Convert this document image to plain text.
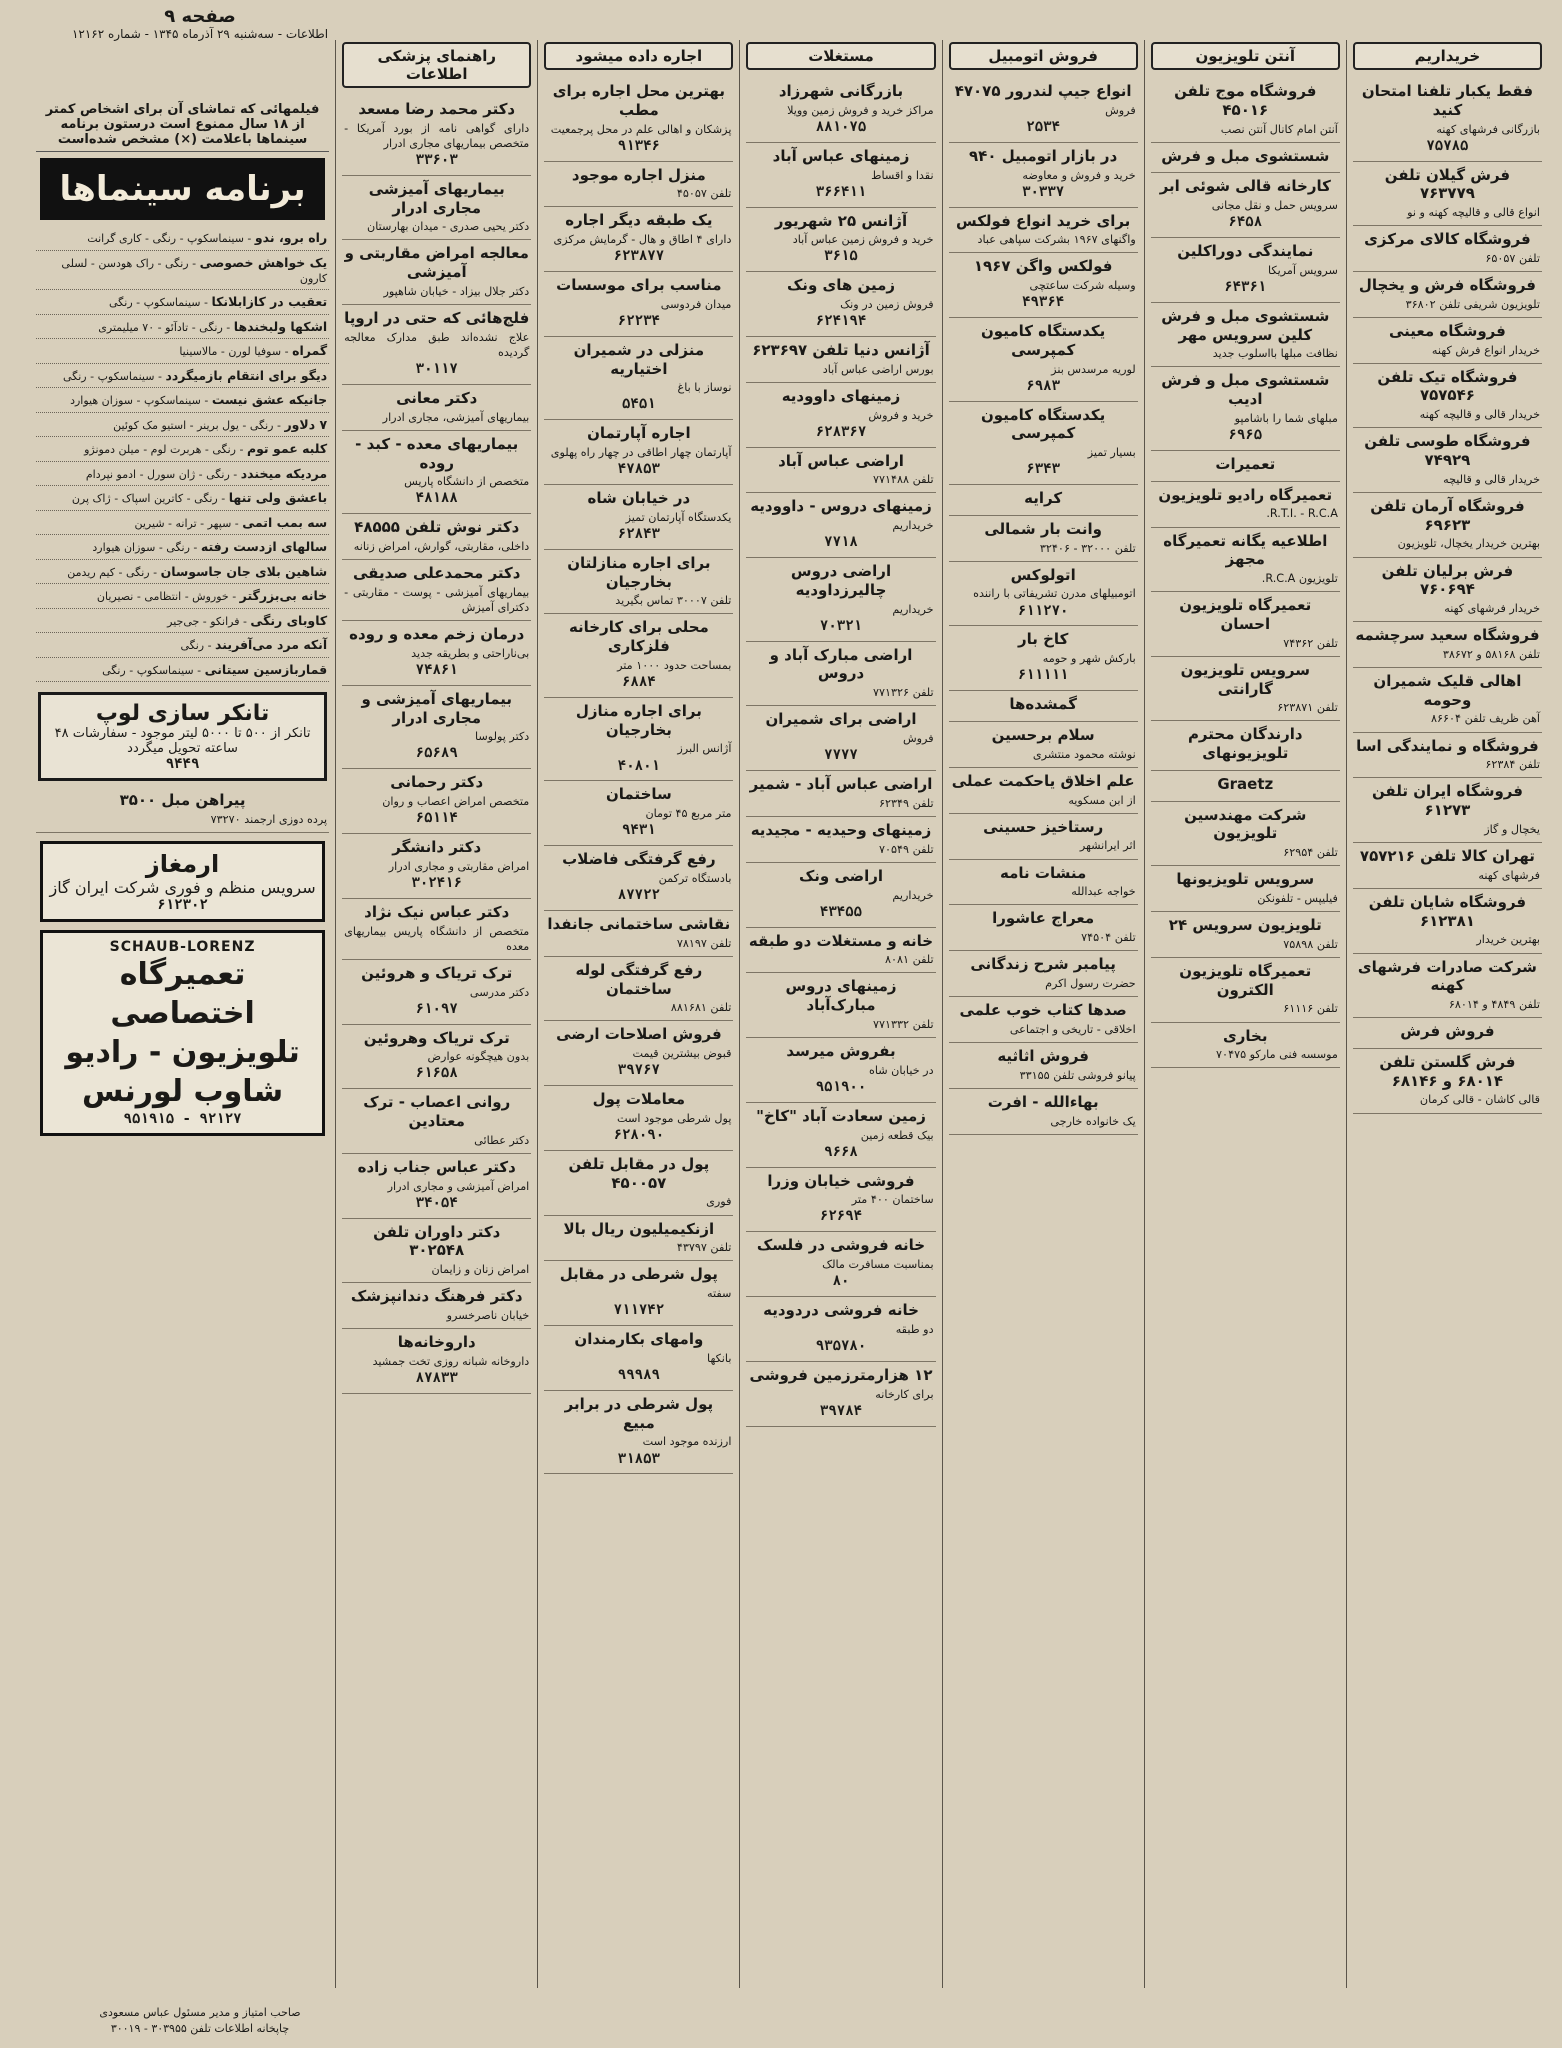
صفحه ۹
اطلاعات - سه‌شنبه ۲۹ آذرماه ۱۳۴۵ - شماره ۱۲۱۶۲
خریداریم
فقط یکبار تلفنا امتحان کنید
بازرگانی فرشهای کهنه
۷۵۷۸۵
فرش گیلان تلفن ۷۶۳۷۷۹
انواع قالی و قالیچه کهنه و نو
فروشگاه کالای مرکزی
تلفن ۶۵۰۵۷
فروشگاه فرش و یخچال
تلویزیون شریفی تلفن ۳۶۸۰۲
فروشگاه معینی
خریدار انواع فرش کهنه
فروشگاه تیک تلفن ۷۵۷۵۴۶
خریدار قالی و قالیچه کهنه
فروشگاه طوسی تلفن ۷۴۹۲۹
خریدار قالی و قالیچه
فروشگاه آرمان تلفن ۶۹۶۲۳
بهترین خریدار یخچال، تلویزیون
فرش برلیان تلفن ۷۶۰۶۹۴
خریدار فرشهای کهنه
فروشگاه سعید سرچشمه
تلفن ۵۸۱۶۸ و ۳۸۶۷۲
اهالی قلیک شمیران وحومه
آهن ظریف تلفن ۸۶۶۰۴
فروشگاه و نمایندگی اسا
تلفن ۶۲۳۸۴
فروشگاه ایران تلفن ۶۱۲۷۳
یخچال و گاز
تهران کالا تلفن ۷۵۷۲۱۶
فرشهای کهنه
فروشگاه شایان تلفن ۶۱۲۳۸۱
بهترین خریدار
شرکت صادرات فرشهای کهنه
تلفن ۴۸۴۹ و ۶۸۰۱۴
فروش فرش
فرش گلستن تلفن ۶۸۰۱۴ و ۶۸۱۴۶
قالی کاشان - قالی کرمان
آنتن تلویزیون
فروشگاه موج تلفن ۴۵۰۱۶
آنتن امام کانال آنتن نصب
شستشوی مبل و فرش
کارخانه قالی شوئی ابر
سرویس حمل و نقل مجانی
۶۴۵۸
نمایندگی دوراکلین
سرویس آمریکا
۶۴۳۶۱
شستشوی مبل و فرش کلین سرویس مهر
نظافت مبلها بااسلوب جدید
شستشوی مبل و فرش ادیب
مبلهای شما را باشامپو
۶۹۶۵
تعمیرات
تعمیرگاه رادیو تلویزیون
R.T.I. - R.C.A.
اطلاعیه یگانه تعمیرگاه مجهز
تلویزیون R.C.A.
تعمیرگاه تلویزیون احسان
تلفن ۷۴۳۶۲
سرویس تلویزیون گارانتی
تلفن ۶۲۳۸۷۱
دارندگان محترم تلویزیونهای
Graetz
شرکت مهندسین تلویزیون
تلفن ۶۲۹۵۴
سرویس تلویزیونها
فیلیپس - تلفونکن
تلویزیون سرویس ۲۴
تلفن ۷۵۸۹۸
تعمیرگاه تلویزیون الکترون
تلفن ۶۱۱۱۶
بخاری
موسسه فنی مارکو ۷۰۴۷۵
فروش اتومبیل
انواع جیپ لندرور ۴۷۰۷۵
فروش
۲۵۳۴
در بازار اتومبیل ۹۴۰
خرید و فروش و معاوضه
۳۰۳۳۷
برای خرید انواع فولکس
واگنهای ۱۹۶۷ بشرکت سپاهی عباد
فولکس واگن ۱۹۶۷
وسیله شرکت ساعتچی
۴۹۳۶۴
یکدستگاه کامیون کمپرسی
لوریه مرسدس بنز
۶۹۸۳
یکدستگاه کامیون کمپرسی
بسیار تمیز
۶۳۴۳
کرایه
وانت بار شمالی
تلفن ۳۲۰۰۰ - ۳۲۴۰۶
اتولوکس
اتومبیلهای مدرن تشریفاتی با راننده
۶۱۱۲۷۰
کاخ بار
بارکش شهر و حومه
۶۱۱۱۱۱
گمشده‌ها
سلام برحسین
نوشته محمود منتشری
علم اخلاق یاحکمت عملی
از ابن مسکویه
رستاخیز حسینی
اثر ایرانشهر
منشات نامه
خواجه عبدالله
معراج عاشورا
تلفن ۷۴۵۰۴
پیامبر شرح زندگانی
حضرت رسول اکرم
صدها کتاب خوب علمی
اخلاقی - تاریخی و اجتماعی
فروش اثاثیه
پیانو فروشی تلفن ۳۳۱۵۵
بهاءالله - افرت
یک خانواده خارجی
مستغلات
بازرگانی شهرزاد
مراکز خرید و فروش زمین وویلا
۸۸۱۰۷۵
زمینهای عباس آباد
نقدا و اقساط
۳۶۶۴۱۱
آژانس ۲۵ شهریور
خرید و فروش زمین عباس آباد
۳۶۱۵
زمین های ونک
فروش زمین در ونک
۶۲۴۱۹۴
آژانس دنیا تلفن ۶۲۳۶۹۷
بورس اراضی عباس آباد
زمینهای داوودیه
خرید و فروش
۶۲۸۳۶۷
اراضی عباس آباد
تلفن ۷۷۱۴۸۸
زمینهای دروس - داوودیه
خریداریم
۷۷۱۸
اراضی دروس چالیرزداودیه
خریداریم
۷۰۳۲۱
اراضی مبارک آباد و دروس
تلفن ۷۷۱۳۲۶
اراضی برای شمیران
فروش
۷۷۷۷
اراضی عباس آباد - شمیر
تلفن ۶۲۳۴۹
زمینهای وحیدیه - مجیدیه
تلفن ۷۰۵۴۹
اراضی ونک
خریداریم
۴۳۴۵۵
خانه و مستغلات دو طبقه
تلفن ۸۰۸۱
زمینهای دروس مبارک‌آباد
تلفن ۷۷۱۳۳۲
بفروش میرسد
در خیابان شاه
۹۵۱۹۰۰
زمین سعادت آباد "کاخ"
بیک قطعه زمین
۹۶۶۸
فروشی خیابان وزرا
ساختمان ۴۰۰ متر
۶۲۶۹۴
خانه فروشی در فلسک
بمناسبت مسافرت مالک
۸۰
خانه فروشی دردودیه
دو طبقه
۹۳۵۷۸۰
۱۲ هزارمترزمین فروشی
برای کارخانه
۳۹۷۸۴
اجاره داده میشود
بهترین محل اجاره برای مطب
پزشکان و اهالی علم در محل پرجمعیت
۹۱۳۴۶
منزل اجاره موجود
تلفن ۴۵۰۵۷
یک طبقه دیگر اجاره
دارای ۴ اطاق و هال - گرمایش مرکزی
۶۲۳۸۷۷
مناسب برای موسسات
میدان فردوسی
۶۲۲۳۴
منزلی در شمیران اختیاریه
نوساز با باغ
۵۴۵۱
اجاره آپارتمان
آپارتمان چهار اطاقی در چهار راه پهلوی
۴۷۸۵۳
در خیابان شاه
یکدستگاه آپارتمان تمیز
۶۲۸۴۳
برای اجاره منازلتان بخارجیان
تلفن ۳۰۰۰۷ تماس بگیرید
محلی برای کارخانه فلزکاری
بمساحت حدود ۱۰۰۰ متر
۶۸۸۴
برای اجاره منازل بخارجیان
آژانس البرز
۴۰۸۰۱
ساختمان
متر مربع ۴۵ تومان
۹۴۳۱
رفع گرفتگی فاضلاب
بادستگاه ترکمن
۸۷۷۲۲
نقاشی ساختمانی جانفدا
تلفن ۷۸۱۹۷
رفع گرفتگی لوله ساختمان
تلفن ۸۸۱۶۸۱
فروش اصلاحات ارضی
قبوض بیشترین قیمت
۳۹۷۶۷
معاملات پول
پول شرطی موجود است
۶۲۸۰۹۰
پول در مقابل تلفن ۴۵۰۰۵۷
فوری
ازنکیمیلیون ریال بالا
تلفن ۴۳۷۹۷
پول شرطی در مقابل
سفته
۷۱۱۷۴۲
وامهای بکارمندان
بانکها
۹۹۹۸۹
پول شرطی در برابر مبیع
ارزنده موجود است
۳۱۸۵۳
راهنمای پزشکی اطلاعات
دکتر محمد رضا مسعد
دارای گواهی نامه از بورد آمریکا - متخصص بیماریهای مجاری ادرار
۳۳۶۰۳
بیماریهای آمیزشی مجاری ادرار
دکتر یحیی صدری - میدان بهارستان
معالجه امراض مقاربتی و آمیزشی
دکتر جلال بیزاد - خیابان شاهپور
فلج‌هائی که حتی در اروپا
علاج نشده‌اند طبق مدارک معالجه گردیده
۳۰۱۱۷
دکتر معانی
بیماریهای آمیزشی، مجاری ادرار
بیماریهای معده - کبد - روده
متخصص از دانشگاه پاریس
۴۸۱۸۸
دکتر نوش تلفن ۴۸۵۵۵
داخلی، مقاربتی، گوارش، امراض زنانه
دکتر محمدعلی صدیقی
بیماریهای آمیزشی - پوست - مقاربتی - دکترای آمیزش
درمان زخم معده و روده
بی‌ناراحتی و بطریقه جدید
۷۴۸۶۱
بیماریهای آمیزشی و مجاری ادرار
دکتر پولوسا
۶۵۶۸۹
دکتر رحمانی
متخصص امراض اعصاب و روان
۶۵۱۱۴
دکتر دانشگر
امراض مقاربتی و مجاری ادرار
۳۰۲۴۱۶
دکتر عباس نیک نژاد
متخصص از دانشگاه پاریس بیماریهای معده
ترک تریاک و هروئین
دکتر مدرسی
۶۱۰۹۷
ترک تریاک وهروئین
بدون هیچگونه عوارض
۶۱۶۵۸
روانی اعصاب - ترک معتادین
دکتر عطائی
دکتر عباس جناب زاده
امراض آمیزشی و مجاری ادرار
۳۴۰۵۴
دکتر داوران تلفن ۳۰۲۵۴۸
امراض زنان و زایمان
دکتر فرهنگ دندانپزشک
خیابان ناصرخسرو
داروخانه‌ها
داروخانه شبانه روزی تخت جمشید
۸۷۸۳۳
فیلمهائی که تماشای آن برای اشخاص کمتر از ۱۸ سال ممنوع است درستون برنامه سینماها باعلامت (×) مشخص شده‌است
برنامه سینماها
راه برو، ندو - سینماسکوپ - رنگی - کاری گرانت
یک خواهش خصوصی - رنگی - راک هودسن - لسلی کارون
تعقیب در کازابلانکا - سینماسکوپ - رنگی
اشکها ولبخندها - رنگی - تادآئو - ۷۰ میلیمتری
گمراه - سوفیا لورن - مالاسینیا
دیگو برای انتقام بازمیگردد - سینماسکوپ - رنگی
جانیکه عشق نیست - سینماسکوپ - سوزان هیوارد
۷ دلاور - رنگی - یول برینر - استیو مک کوئین
کلبه عمو توم - رنگی - هربرت لوم - میلن دمونژو
مردیکه میخندد - رنگی - ژان سورل - ادمو نپردام
باعشق ولی تنها - رنگی - کاترین اسپاک - ژاک پرن
سه بمب اتمی - سپهر - ترانه - شیرین
سالهای ازدست رفته - رنگی - سوزان هیوارد
شاهین بلای جان جاسوسان - رنگی - کیم ریدمن
خانه بی‌بزرگتر - خوروش - انتظامی - نصیریان
کاوبای رنگی - فرانکو - جی‌جیر
آنکه مرد می‌آفریند - رنگی
قماربازسین سیتانی - سینماسکوپ - رنگی
تانکر سازی لوپ
تانکر از ۵۰۰ تا ۵۰۰۰ لیتر موجود - سفارشات ۴۸ ساعته تحویل میگردد
۹۴۴۹
پیراهن مبل ۳۵۰۰
پرده دوزی ارجمند ۷۳۲۷۰
ارمغاز
سرویس منظم و فوری شرکت ایران گاز
۶۱۲۳۰۲
SCHAUB-LORENZ
تعمیرگاه اختصاصی تلویزیون - رادیو شاوب لورنس
۹۲۱۲۷ - ۹۵۱۹۱۵
صاحب امتیاز و مدیر مسئول عباس مسعودی
چاپخانه اطلاعات تلفن ۳۰۳۹۵۵ - ۳۰۰۱۹
